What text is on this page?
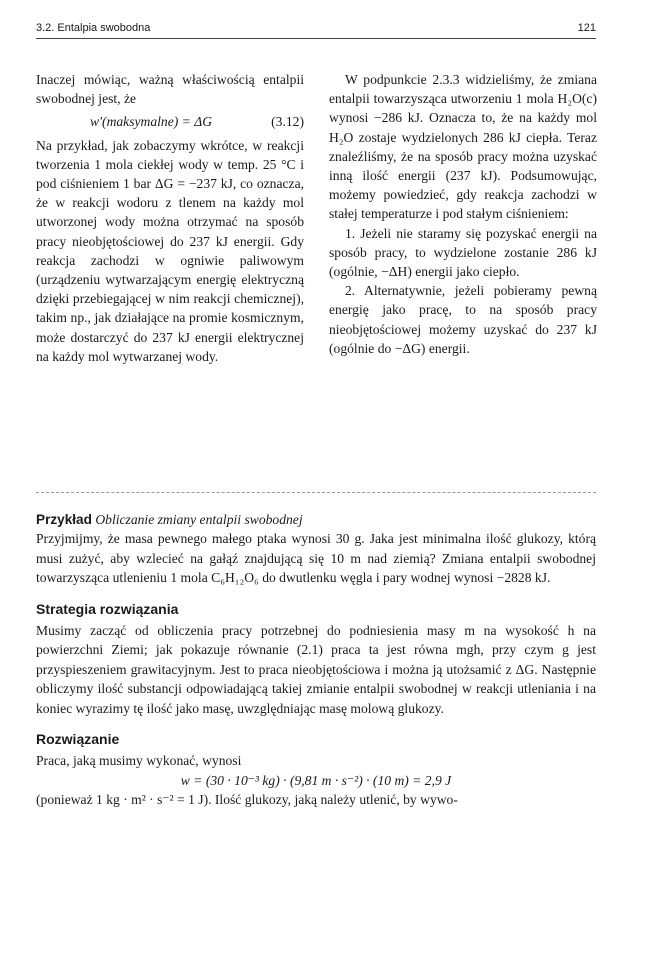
3.2. Entalpia swobodna	121

Inaczej mówiąc, ważną właściwością entalpii swobodnej jest, że

w′(maksymalne) = ΔG	(3.12)

Na przykład, jak zobaczymy wkrótce, w reakcji tworzenia 1 mola ciekłej wody w temp. 25 °C i pod ciśnieniem 1 bar ΔG = −237 kJ, co oznacza, że w reakcji wodoru z tlenem na każdy mol utworzonej wody można otrzymać na sposób pracy nieobjętościowej do 237 kJ energii. Gdy reakcja zachodzi w ogniwie paliwowym (urządzeniu wytwarzającym energię elektryczną dzięki przebiegającej w nim reakcji chemicznej), takim np., jak działające na promie kosmicznym, może dostarczyć do 237 kJ energii elektrycznej na każdy mol wytwarzanej wody.

W podpunkcie 2.3.3 widzieliśmy, że zmiana entalpii towarzysząca utworzeniu 1 mola H₂O(c) wynosi −286 kJ. Oznacza to, że na każdy mol H₂O zostaje wydzielonych 286 kJ ciepła. Teraz znaleźliśmy, że na sposób pracy można uzyskać inną ilość energii (237 kJ). Podsumowując, możemy powiedzieć, gdy reakcja zachodzi w stałej temperaturze i pod stałym ciśnieniem:

1. Jeżeli nie staramy się pozyskać energii na sposób pracy, to wydzielone zostanie 286 kJ (ogólnie, −ΔH) energii jako ciepło.

2. Alternatywnie, jeżeli pobieramy pewną energię jako pracę, to na sposób pracy nieobjętościowej możemy uzyskać do 237 kJ (ogólnie do −ΔG) energii.

Przykład Obliczanie zmiany entalpii swobodnej

Przyjmijmy, że masa pewnego małego ptaka wynosi 30 g. Jaka jest minimalna ilość glukozy, którą musi zużyć, aby wzlecieć na gałąź znajdującą się 10 m nad ziemią? Zmiana entalpii swobodnej towarzysząca utlenieniu 1 mola C₆H₁₂O₆ do dwutlenku węgla i pary wodnej wynosi −2828 kJ.

Strategia rozwiązania

Musimy zacząć od obliczenia pracy potrzebnej do podniesienia masy m na wysokość h na powierzchni Ziemi; jak pokazuje równanie (2.1) praca ta jest równa mgh, przy czym g jest przyspieszeniem grawitacyjnym. Jest to praca nieobjętościowa i można ją utożsamić z ΔG. Następnie obliczymy ilość substancji odpowiadającą takiej zmianie entalpii swobodnej w reakcji utleniania i na koniec wyrazimy tę ilość jako masę, uwzględniając masę molową glukozy.

Rozwiązanie

Praca, jaką musimy wykonać, wynosi

w = (30 · 10⁻³ kg) · (9,81 m · s⁻²) · (10 m) = 2,9 J

(ponieważ 1 kg · m² · s⁻² = 1 J). Ilość glukozy, jaką należy utlenić, by wywo-
